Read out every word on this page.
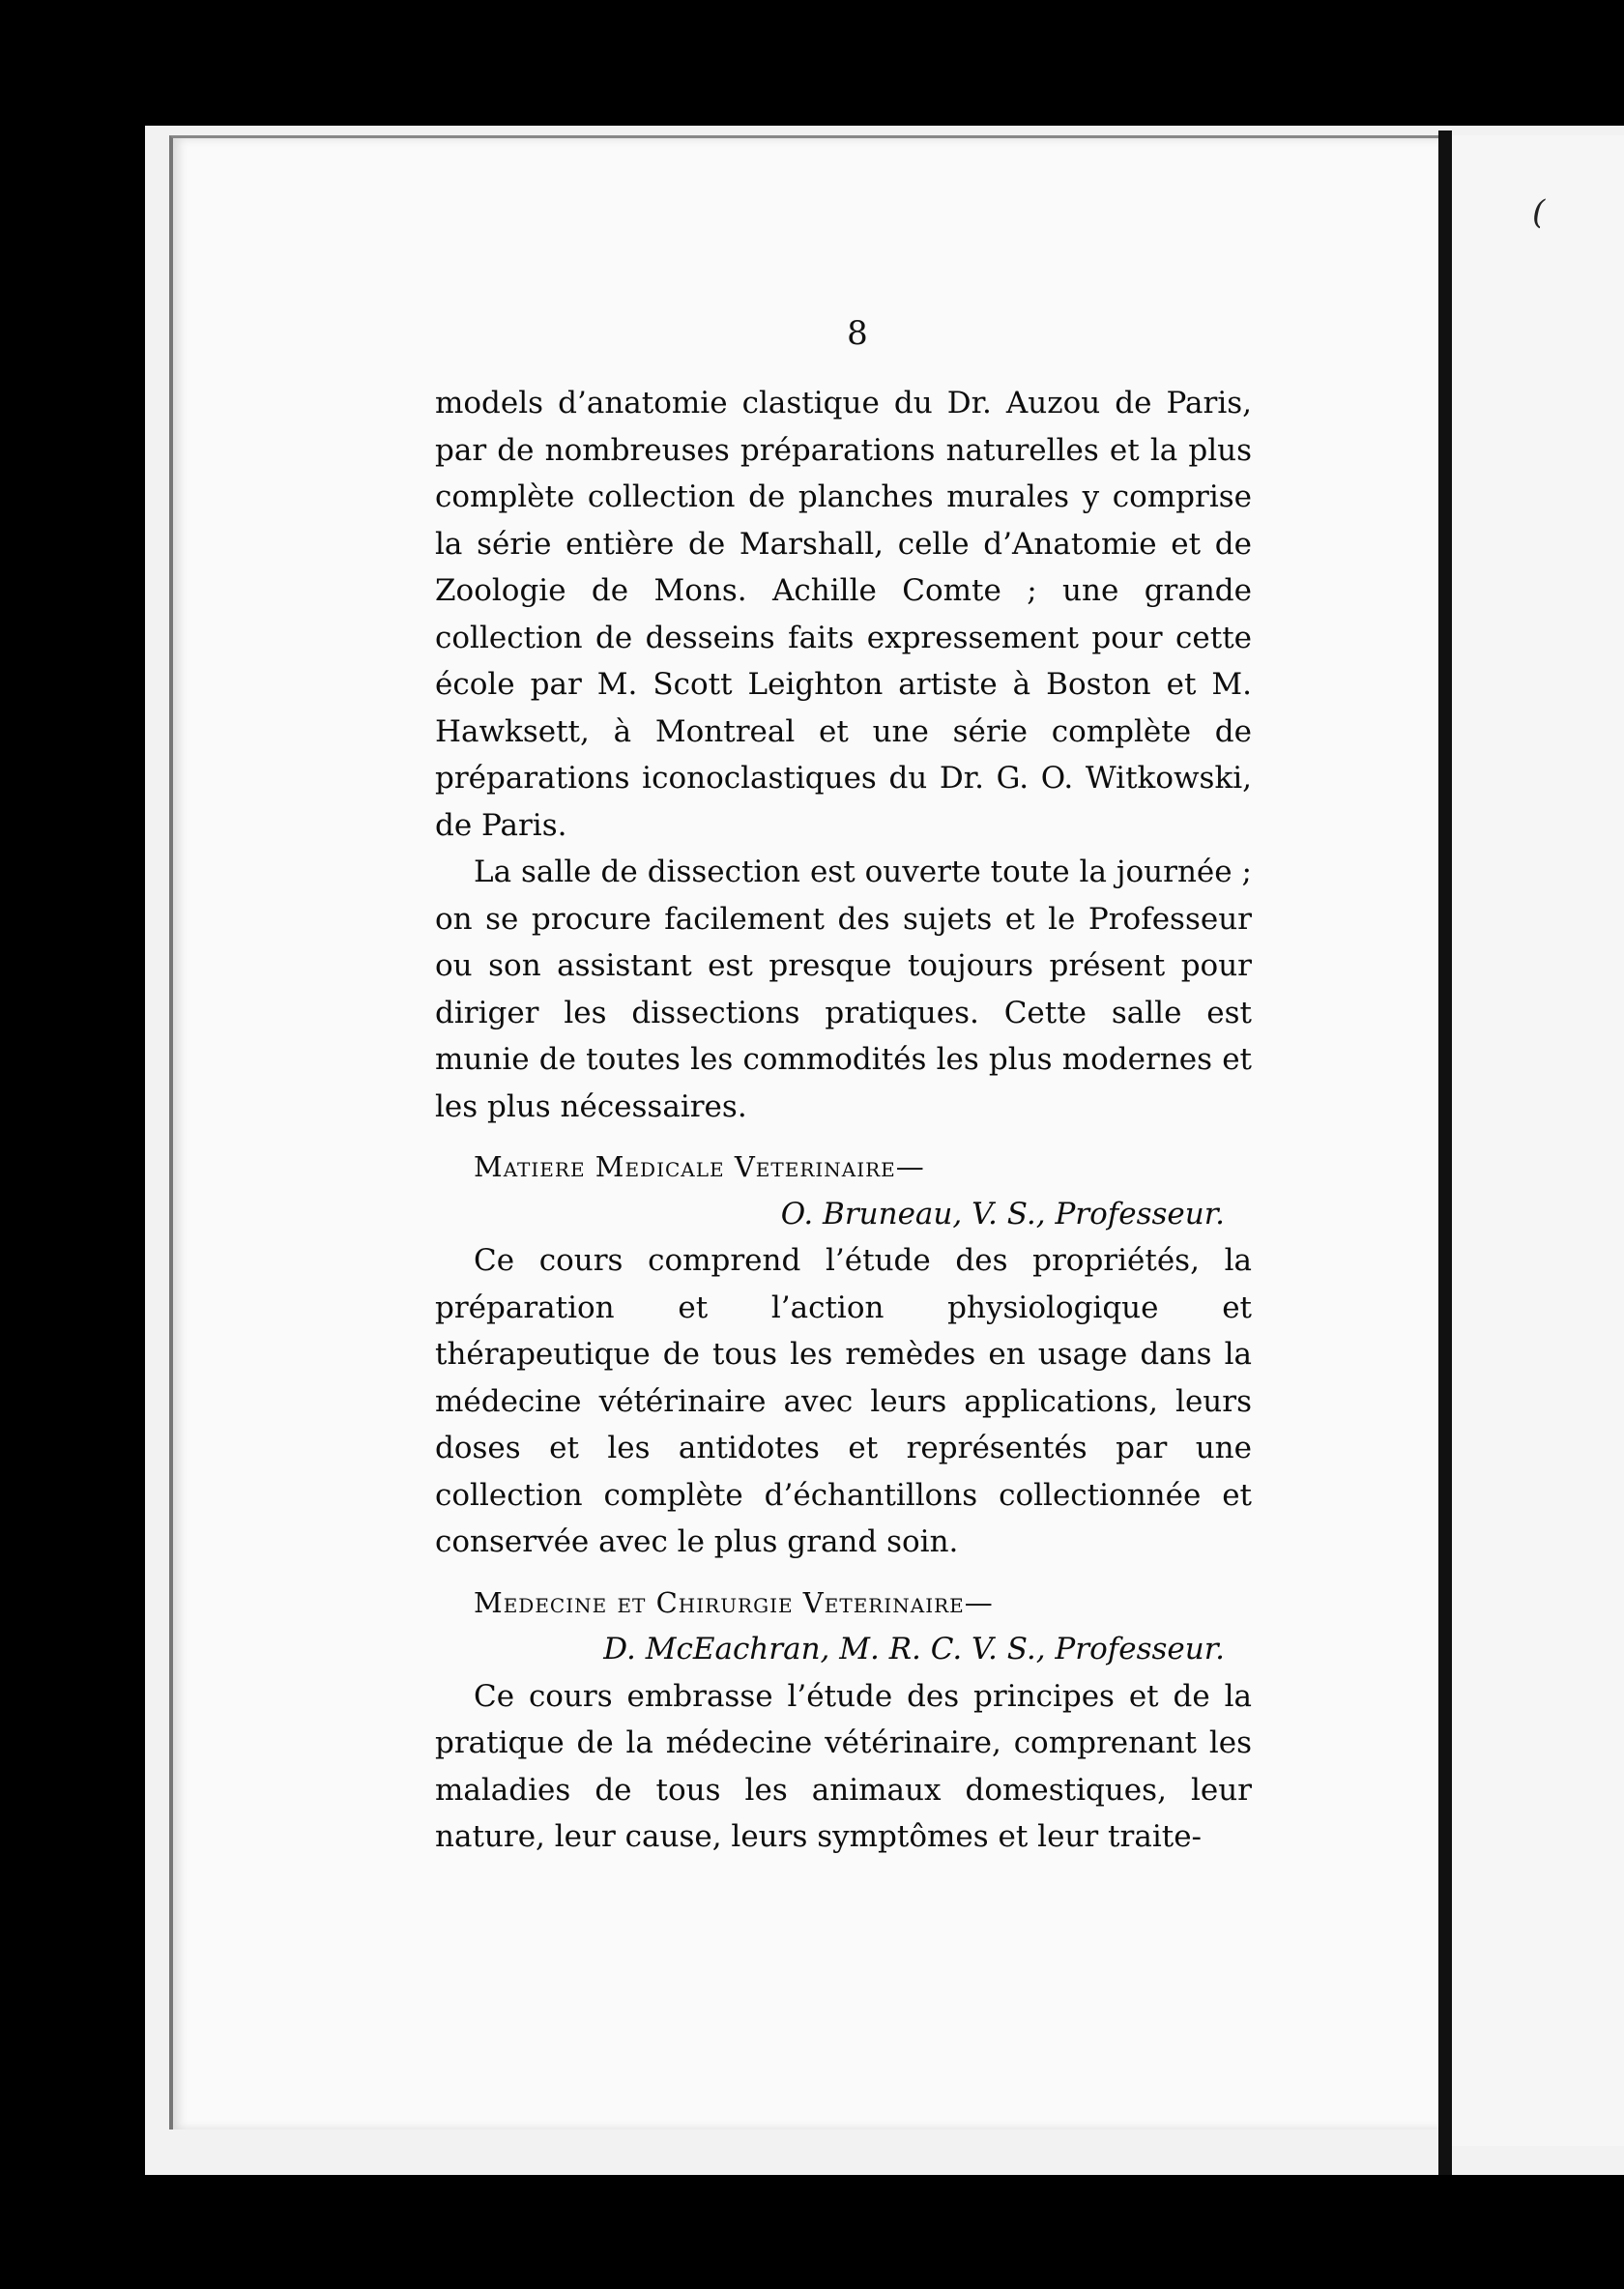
(
8

models d’anatomie clastique du Dr. Auzou de Paris, par de nombreuses préparations naturelles et la plus complète collection de planches murales y comprise la série entière de Marshall, celle d’Anatomie et de Zoologie de Mons. Achille Comte ; une grande collection de desseins faits expressement pour cette école par M. Scott Leighton artiste à Boston et M. Hawksett, à Montreal et une série complète de préparations iconoclastiques du Dr. G. O. Witkowski, de Paris.

La salle de dissection est ouverte toute la journée ; on se procure facilement des sujets et le Professeur ou son assistant est presque toujours présent pour diriger les dissections pratiques. Cette salle est munie de toutes les commodités les plus modernes et les plus nécessaires.

Matiere Medicale Veterinaire—

O. Bruneau, V. S., Professeur.

Ce cours comprend l’étude des propriétés, la préparation et l’action physiologique et thérapeutique de tous les remèdes en usage dans la médecine vétérinaire avec leurs applications, leurs doses et les antidotes et représentés par une collection complète d’échantillons collectionnée et conservée avec le plus grand soin.

Medecine et Chirurgie Veterinaire—

D. McEachran, M. R. C. V. S., Professeur.

Ce cours embrasse l’étude des principes et de la pratique de la médecine vétérinaire, comprenant les maladies de tous les animaux domestiques, leur nature, leur cause, leurs symptômes et leur traite-
